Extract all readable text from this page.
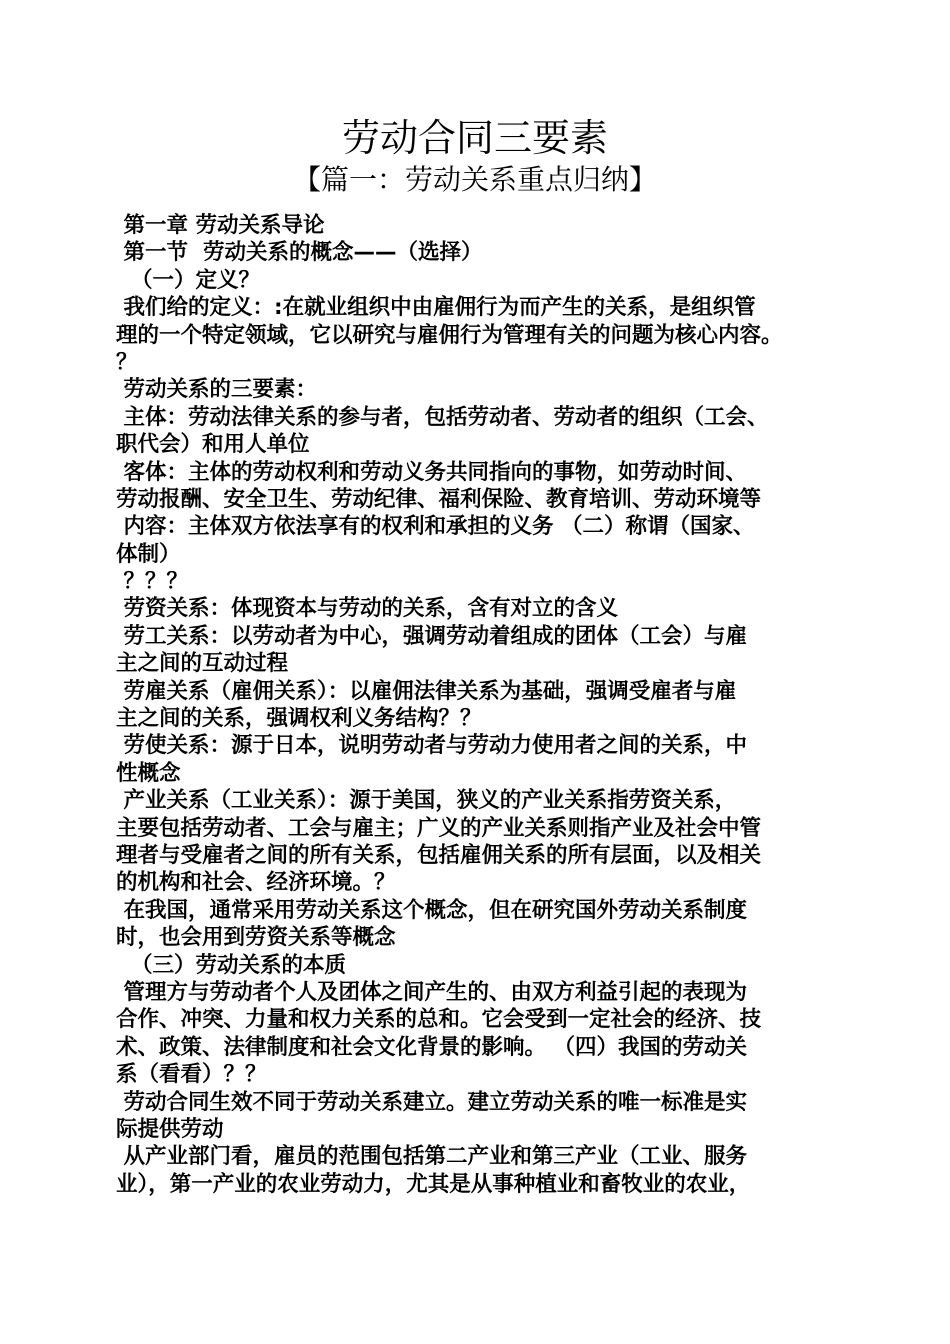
劳动合同三要素
【篇一：劳动关系重点归纳】
第一章 劳动关系导论
第一节  劳动关系的概念——（选择）
（一）定义？
我们给的定义：:在就业组织中由雇佣行为而产生的关系，是组织管
理的一个特定领域，它以研究与雇佣行为管理有关的问题为核心内容。
？
劳动关系的三要素：
主体：劳动法律关系的参与者，包括劳动者、劳动者的组织（工会、
职代会）和用人单位
客体：主体的劳动权利和劳动义务共同指向的事物，如劳动时间、
劳动报酬、安全卫生、劳动纪律、福利保险、教育培训、劳动环境等
内容：主体双方依法享有的权利和承担的义务 （二）称谓（国家、
体制）
？？？
劳资关系：体现资本与劳动的关系，含有对立的含义
劳工关系：以劳动者为中心，强调劳动着组成的团体（工会）与雇
主之间的互动过程
劳雇关系（雇佣关系）：以雇佣法律关系为基础，强调受雇者与雇
主之间的关系，强调权利义务结构？？
劳使关系：源于日本，说明劳动者与劳动力使用者之间的关系，中
性概念
产业关系（工业关系）：源于美国，狭义的产业关系指劳资关系，
主要包括劳动者、工会与雇主；广义的产业关系则指产业及社会中管
理者与受雇者之间的所有关系，包括雇佣关系的所有层面，以及相关
的机构和社会、经济环境。？
在我国，通常采用劳动关系这个概念，但在研究国外劳动关系制度
时，也会用到劳资关系等概念
（三）劳动关系的本质
管理方与劳动者个人及团体之间产生的、由双方利益引起的表现为
合作、冲突、力量和权力关系的总和。它会受到一定社会的经济、技
术、政策、法律制度和社会文化背景的影响。 （四）我国的劳动关
系（看看）？？
劳动合同生效不同于劳动关系建立。建立劳动关系的唯一标准是实
际提供劳动
从产业部门看，雇员的范围包括第二产业和第三产业（工业、服务
业），第一产业的农业劳动力，尤其是从事种植业和畜牧业的农业，
